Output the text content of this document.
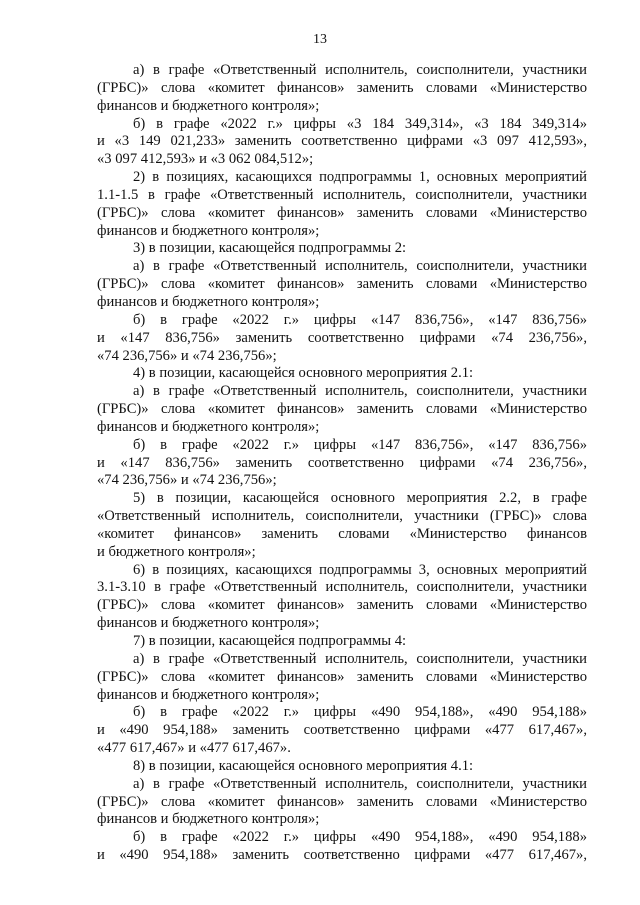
13
а) в графе «Ответственный исполнитель, соисполнители, участники
(ГРБС)» слова «комитет финансов» заменить словами «Министерство
финансов и бюджетного контроля»;
б) в графе «2022 г.» цифры «3 184 349,314», «3 184 349,314»
и «3 149 021,233» заменить соответственно цифрами «3 097 412,593»,
«3 097 412,593» и «3 062 084,512»;
2) в позициях, касающихся подпрограммы 1, основных мероприятий
1.1-1.5 в графе «Ответственный исполнитель, соисполнители, участники
(ГРБС)» слова «комитет финансов» заменить словами «Министерство
финансов и бюджетного контроля»;
3) в позиции, касающейся подпрограммы 2:
а) в графе «Ответственный исполнитель, соисполнители, участники
(ГРБС)» слова «комитет финансов» заменить словами «Министерство
финансов и бюджетного контроля»;
б) в графе «2022 г.» цифры «147 836,756», «147 836,756»
и «147 836,756» заменить соответственно цифрами «74 236,756»,
«74 236,756» и «74 236,756»;
4) в позиции, касающейся основного мероприятия 2.1:
а) в графе «Ответственный исполнитель, соисполнители, участники
(ГРБС)» слова «комитет финансов» заменить словами «Министерство
финансов и бюджетного контроля»;
б) в графе «2022 г.» цифры «147 836,756», «147 836,756»
и «147 836,756» заменить соответственно цифрами «74 236,756»,
«74 236,756» и «74 236,756»;
5) в позиции, касающейся основного мероприятия 2.2, в графе
«Ответственный исполнитель, соисполнители, участники (ГРБС)» слова
«комитет финансов» заменить словами «Министерство финансов
и бюджетного контроля»;
6) в позициях, касающихся подпрограммы 3, основных мероприятий
3.1-3.10 в графе «Ответственный исполнитель, соисполнители, участники
(ГРБС)» слова «комитет финансов» заменить словами «Министерство
финансов и бюджетного контроля»;
7) в позиции, касающейся подпрограммы 4:
а) в графе «Ответственный исполнитель, соисполнители, участники
(ГРБС)» слова «комитет финансов» заменить словами «Министерство
финансов и бюджетного контроля»;
б) в графе «2022 г.» цифры «490 954,188», «490 954,188»
и «490 954,188» заменить соответственно цифрами «477 617,467»,
«477 617,467» и «477 617,467».
8) в позиции, касающейся основного мероприятия 4.1:
а) в графе «Ответственный исполнитель, соисполнители, участники
(ГРБС)» слова «комитет финансов» заменить словами «Министерство
финансов и бюджетного контроля»;
б) в графе «2022 г.» цифры «490 954,188», «490 954,188»
и «490 954,188» заменить соответственно цифрами «477 617,467»,
